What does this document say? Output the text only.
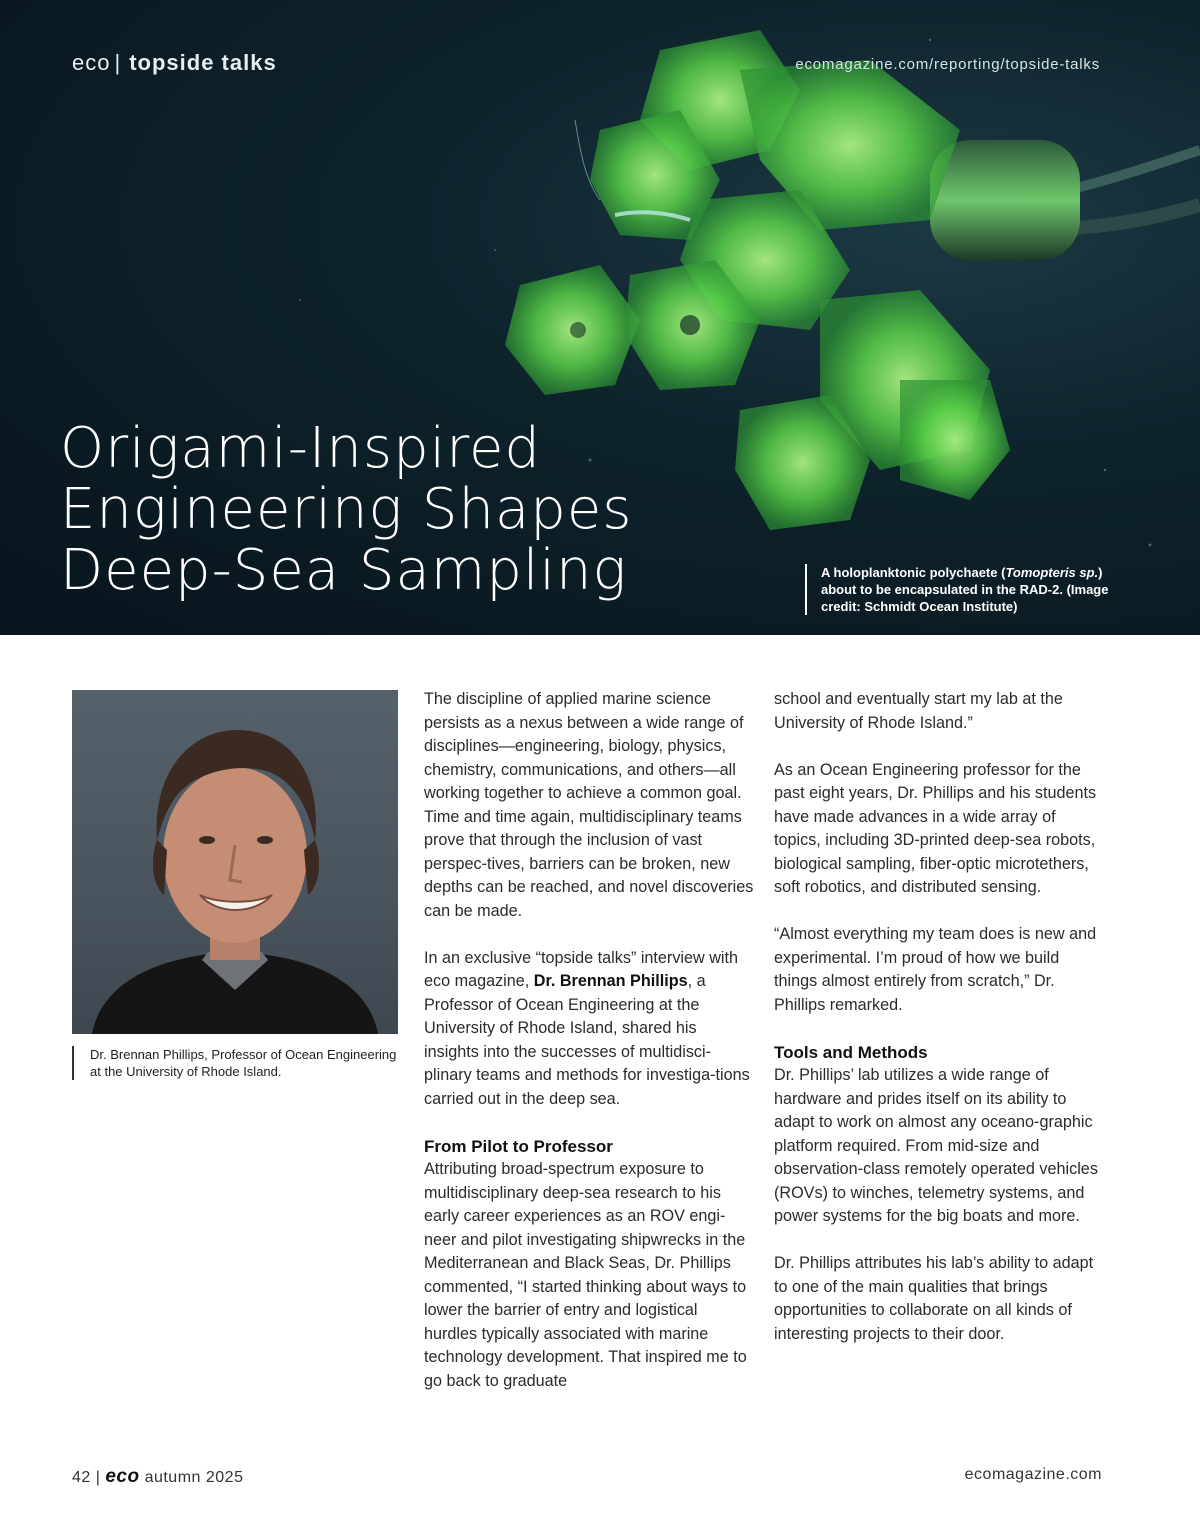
eco | topside talks	ecomagazine.com/reporting/topside-talks
Origami-Inspired
Engineering Shapes
Deep-Sea Sampling	A holoplanktonic polychaete (Tomopteris sp.) about to be encapsulated in the RAD-2. (Image credit: Schmidt Ocean Institute)
Dr. Brennan Phillips, Professor of Ocean Engineering at the University of Rhode Island.

The discipline of applied marine science persists as a nexus between a wide range of disciplines—engineering, biology, physics, chemistry, communications, and others—all working together to achieve a common goal. Time and time again, multidisciplinary teams prove that through the inclusion of vast perspec-tives, barriers can be broken, new depths can be reached, and novel discoveries can be made.

In an exclusive “topside talks” interview with eco magazine, Dr. Brennan Phillips, a Professor of Ocean Engineering at the University of Rhode Island, shared his insights into the successes of multidisci-plinary teams and methods for investiga-tions carried out in the deep sea.

From Pilot to Professor

Attributing broad-spectrum exposure to multidisciplinary deep-sea research to his early career experiences as an ROV engi-neer and pilot investigating shipwrecks in the Mediterranean and Black Seas, Dr. Phillips commented, “I started thinking about ways to lower the barrier of entry and logistical hurdles typically associated with marine technology development. That inspired me to go back to graduate

school and eventually start my lab at the University of Rhode Island.”

As an Ocean Engineering professor for the past eight years, Dr. Phillips and his students have made advances in a wide array of topics, including 3D-printed deep-sea robots, biological sampling, fiber-optic microtethers, soft robotics, and distributed sensing.

“Almost everything my team does is new and experimental. I’m proud of how we build things almost entirely from scratch,” Dr. Phillips remarked.

Tools and Methods

Dr. Phillips’ lab utilizes a wide range of hardware and prides itself on its ability to adapt to work on almost any oceano-graphic platform required. From mid-size and observation-class remotely operated vehicles (ROVs) to winches, telemetry systems, and power systems for the big boats and more.

Dr. Phillips attributes his lab’s ability to adapt to one of the main qualities that brings opportunities to collaborate on all kinds of interesting projects to their door.

42 | eco autumn 2025	ecomagazine.com
